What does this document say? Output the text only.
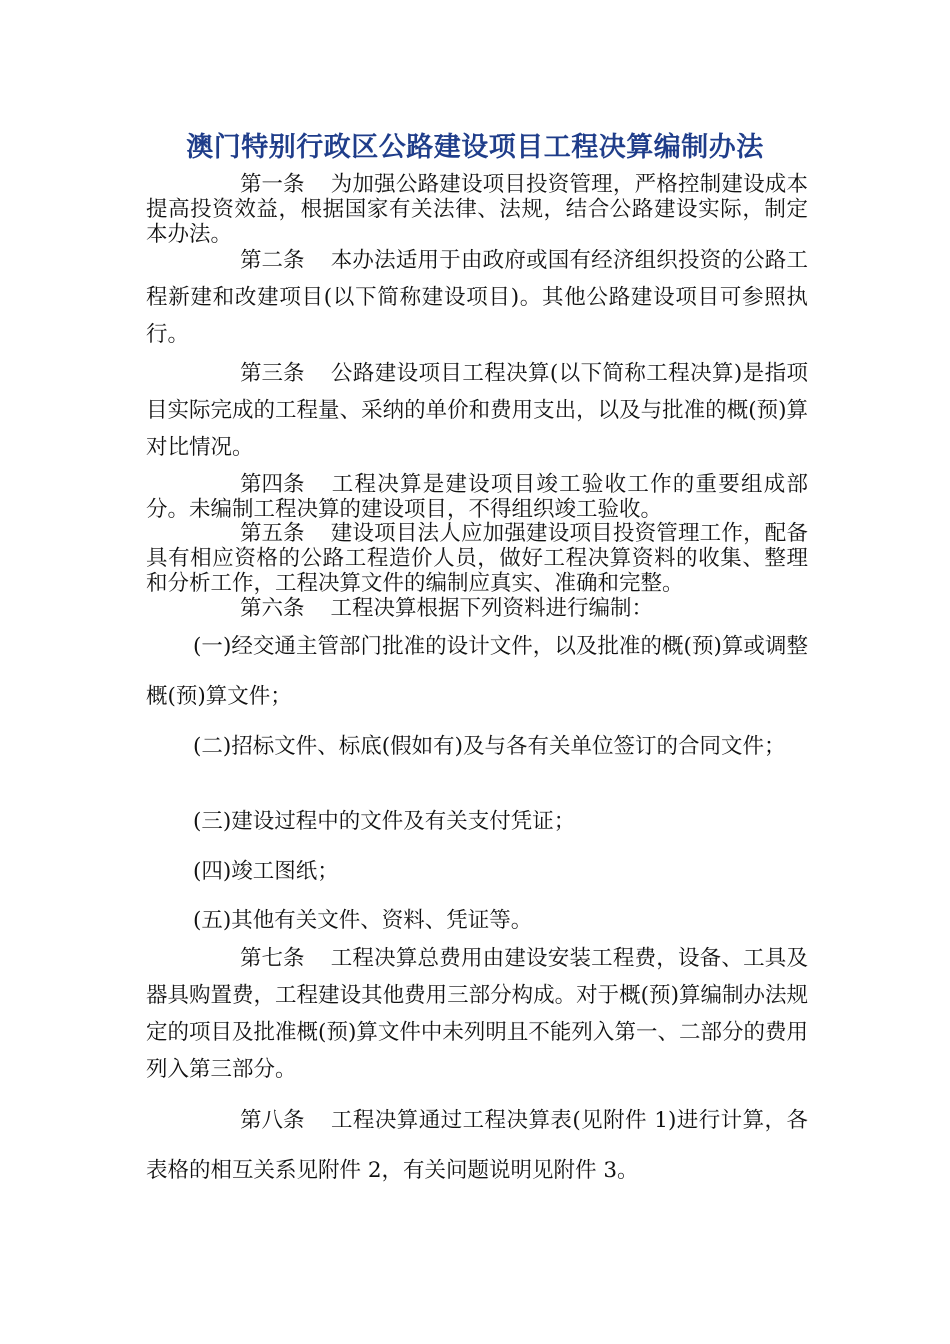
澳门特别行政区公路建设项目工程决算编制办法

第一条 为加强公路建设项目投资管理，严格控制建设成本提高投资效益，根据国家有关法律、法规，结合公路建设实际，制定本办法。

第二条 本办法适用于由政府或国有经济组织投资的公路工程新建和改建项目(以下简称建设项目)。其他公路建设项目可参照执行。

第三条 公路建设项目工程决算(以下简称工程决算)是指项目实际完成的工程量、采纳的单价和费用支出，以及与批准的概(预)算对比情况。

第四条 工程决算是建设项目竣工验收工作的重要组成部分。未编制工程决算的建设项目，不得组织竣工验收。

第五条 建设项目法人应加强建设项目投资管理工作，配备具有相应资格的公路工程造价人员，做好工程决算资料的收集、整理和分析工作，工程决算文件的编制应真实、准确和完整。

第六条 工程决算根据下列资料进行编制：

(一)经交通主管部门批准的设计文件，以及批准的概(预)算或调整概(预)算文件；

(二)招标文件、标底(假如有)及与各有关单位签订的合同文件；

(三)建设过程中的文件及有关支付凭证；

(四)竣工图纸；

(五)其他有关文件、资料、凭证等。

第七条 工程决算总费用由建设安装工程费，设备、工具及器具购置费，工程建设其他费用三部分构成。对于概(预)算编制办法规定的项目及批准概(预)算文件中未列明且不能列入第一、二部分的费用列入第三部分。

第八条 工程决算通过工程决算表(见附件 1)进行计算，各表格的相互关系见附件 2，有关问题说明见附件 3。
